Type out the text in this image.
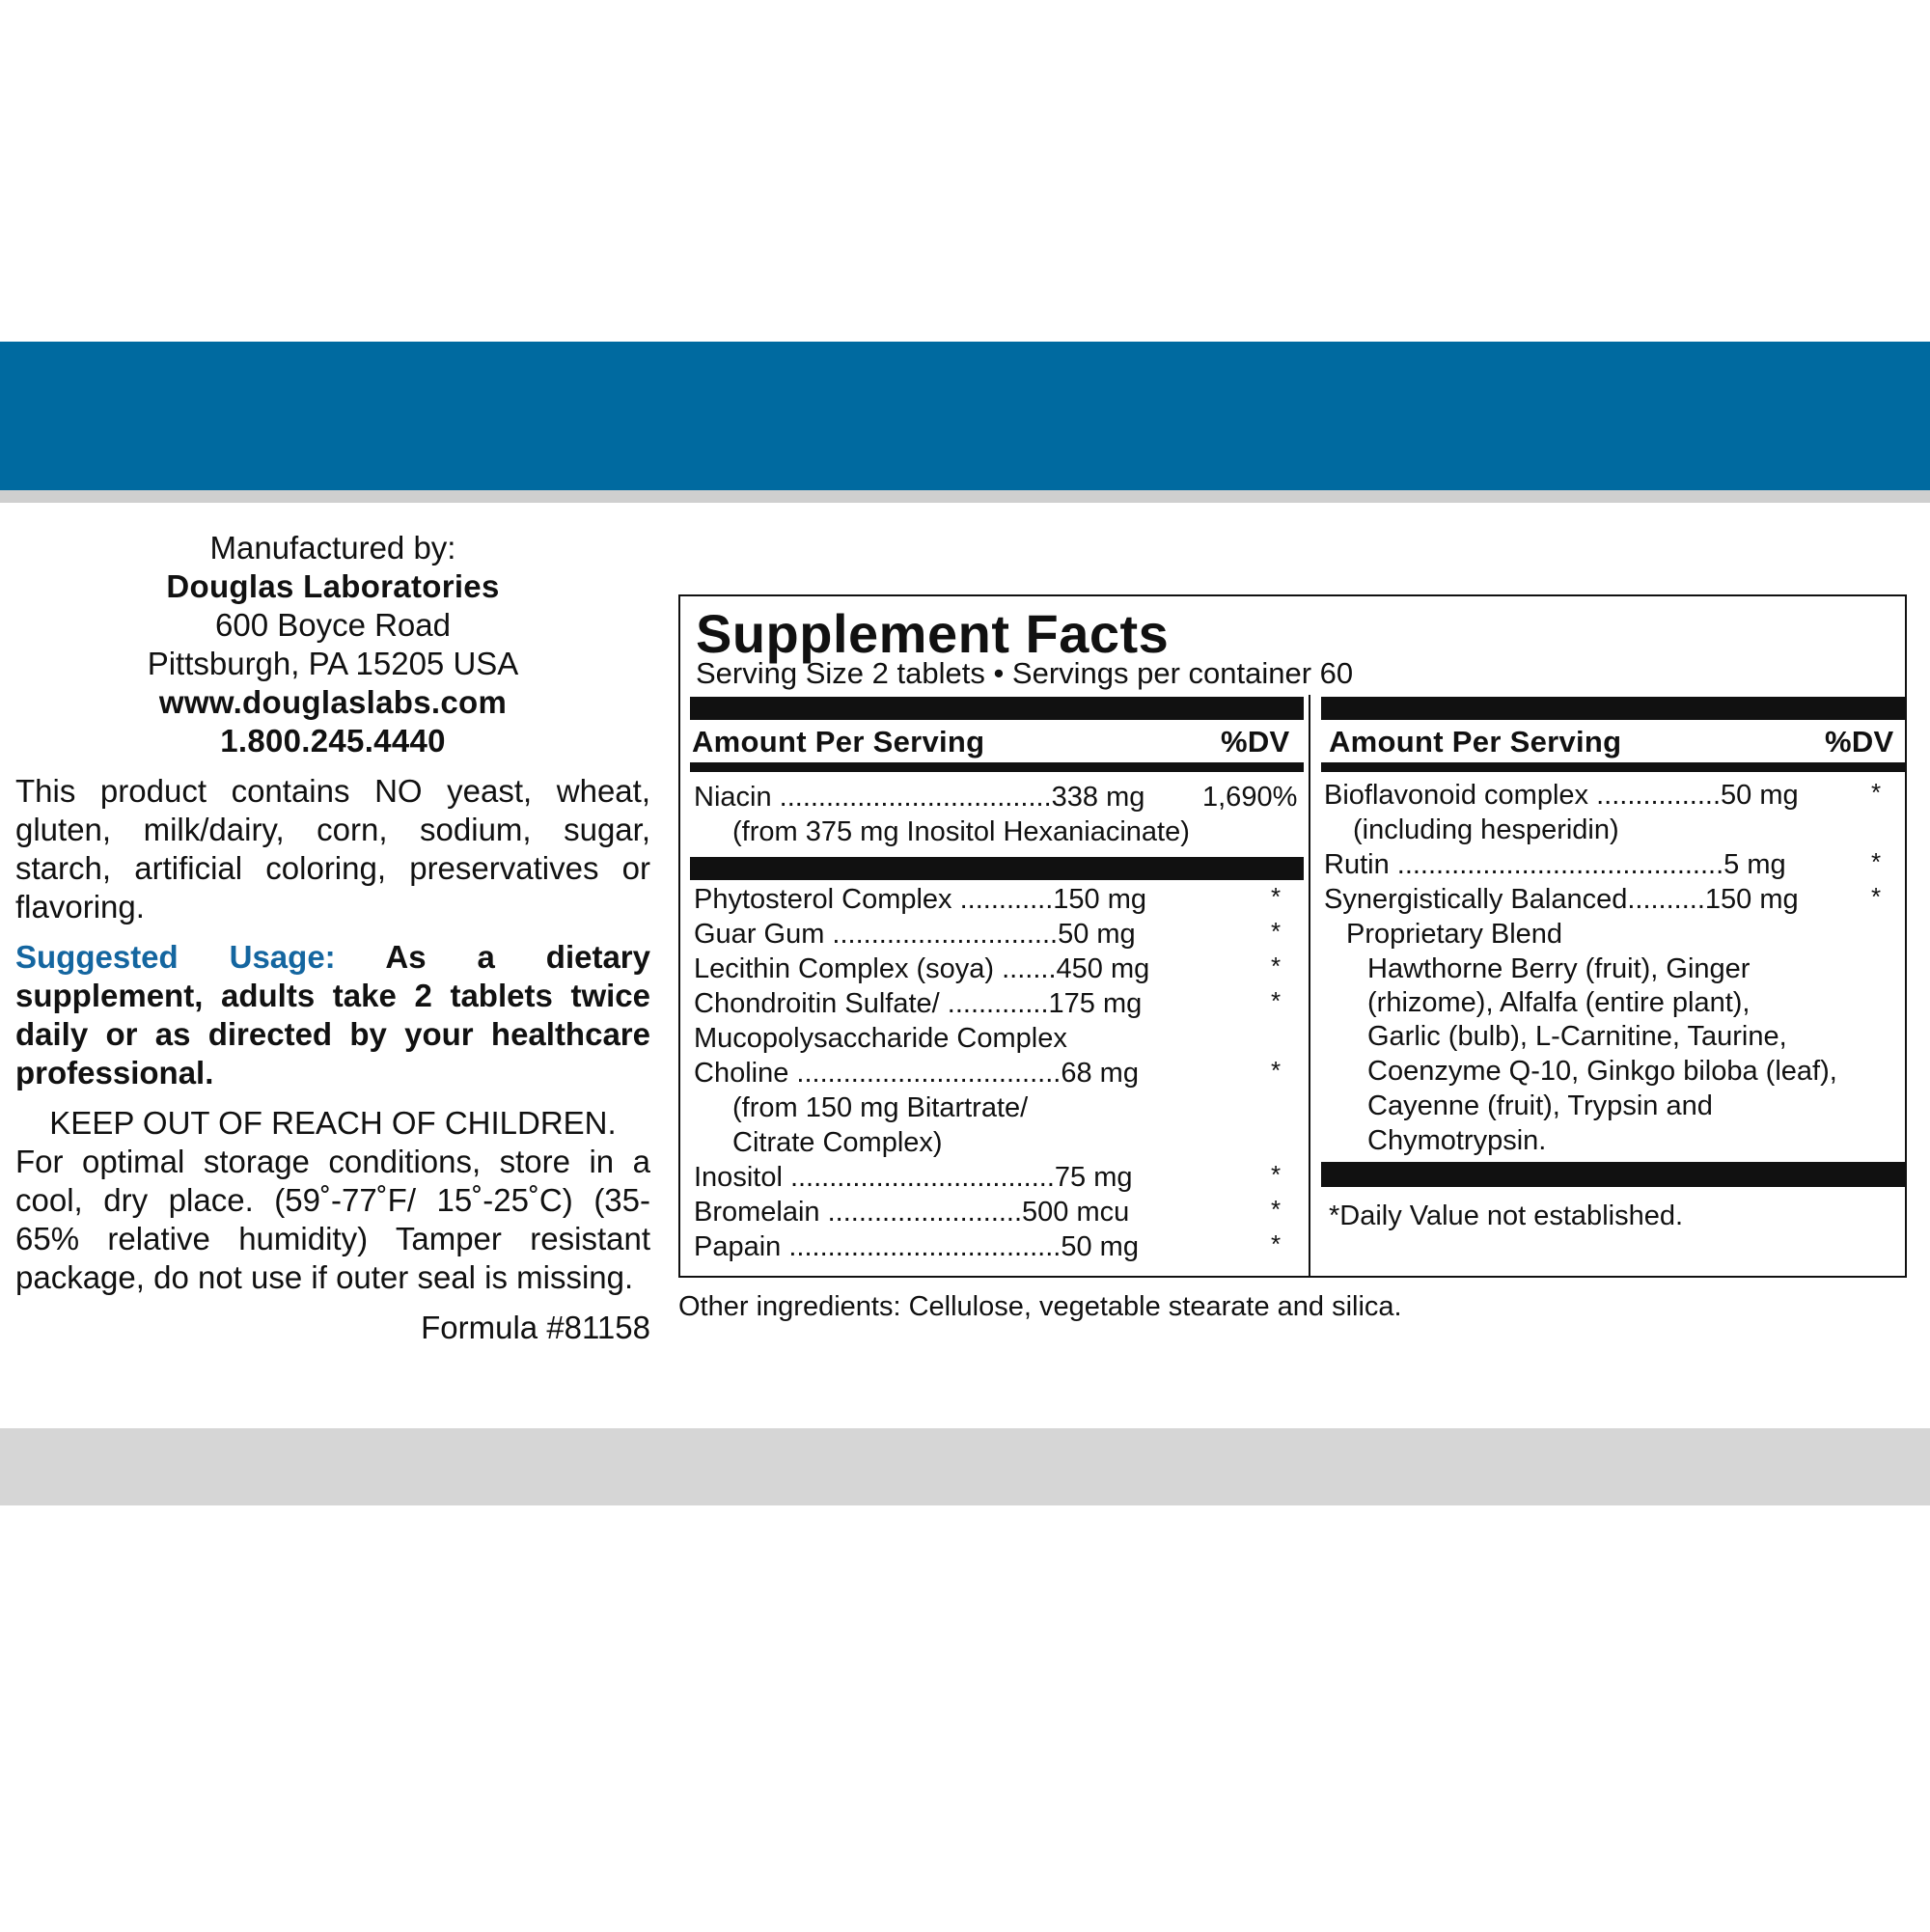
Manufactured by:
Douglas Laboratories
600 Boyce Road
Pittsburgh, PA 15205 USA
www.douglaslabs.com
1.800.245.4440
This product contains NO yeast, wheat, gluten, milk/dairy, corn, sodium, sugar, starch, artificial coloring, preservatives or flavoring.
Suggested Usage: As a dietary supplement, adults take 2 tablets twice daily or as directed by your healthcare professional.
KEEP OUT OF REACH OF CHILDREN.
For optimal storage conditions, store in a cool, dry place. (59˚-77˚F/ 15˚-25˚C) (35-65% relative humidity) Tamper resistant package, do not use if outer seal is missing.
Formula #81158
Supplement Facts
Serving Size 2 tablets • Servings per container 60
Amount Per Serving	%DV
Niacin ...................................338 mg 1,690%
(from 375 mg Inositol Hexaniacinate)
Phytosterol Complex ............150 mg	*
Guar Gum .............................50 mg	*
Lecithin Complex (soya) .......450 mg	*
Chondroitin Sulfate/ .............175 mg	*
Mucopolysaccharide Complex
Choline ..................................68 mg	*
(from 150 mg Bitartrate/
Citrate Complex)
Inositol ..................................75 mg	*
Bromelain .........................500 mcu	*
Papain ...................................50 mg	*
Amount Per Serving	%DV
Bioflavonoid complex ................50 mg	*
(including hesperidin)
Rutin ..........................................5 mg	*
Synergistically Balanced..........150 mg	*
Proprietary Blend
Hawthorne Berry (fruit), Ginger
(rhizome), Alfalfa (entire plant),
Garlic (bulb), L-Carnitine, Taurine,
Coenzyme Q-10, Ginkgo biloba (leaf),
Cayenne (fruit), Trypsin and
Chymotrypsin.
*Daily Value not established.
Other ingredients: Cellulose, vegetable stearate and silica.
